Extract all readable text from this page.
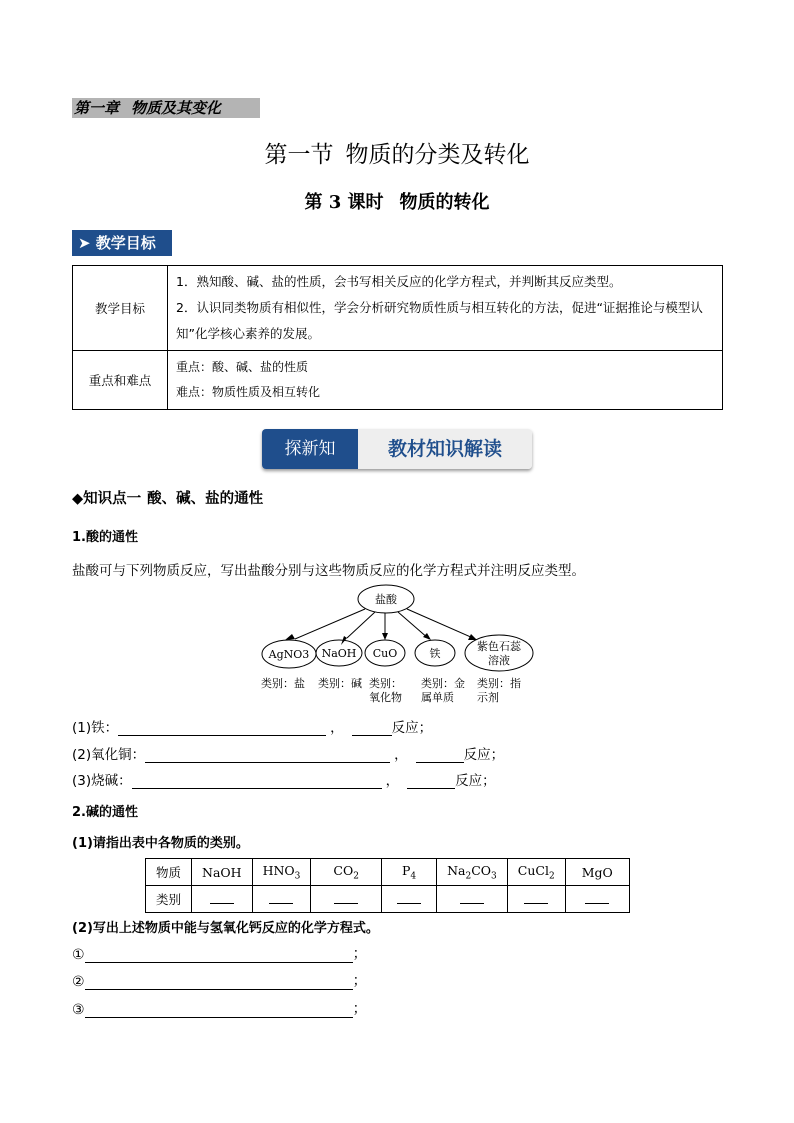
第一章 物质及其变化
第一节 物质的分类及转化
第 3 课时 物质的转化
➤ 教学目标
教学目标	1．熟知酸、碱、盐的性质，会书写相关反应的化学方程式，并判断其反应类型。
2．认识同类物质有相似性，学会分析研究物质性质与相互转化的方法，促进“证据推论与模型认知”化学核心素养的发展。

重点和难点	重点：酸、碱、盐的性质
难点：物质性质及相互转化
探新知	教材知识解读
◆知识点一 酸、碱、盐的通性
1.酸的通性
盐酸可与下列物质反应，写出盐酸分别与这些物质反应的化学方程式并注明反应类型。
盐酸
AgNO3 NaOH CuO	铁
紫色石蕊
溶液
类别：盐 类别：碱 类别：
氧化物
类别：金
属单质
类别：指
示剂
(1)铁：	，	反应；
(2)氧化铜：	，	反应；
(3)烧碱：	，	反应；
2.碱的通性
(1)请指出表中各物质的类别。
物质	NaOH	$HNO_3$	$CO_2$	$P_4$	$Na_2CO_3$	CuCl$_2$	MgO
类别							
(2)写出上述物质中能与氢氧化钙反应的化学方程式。
①	；
②	；
③	；
